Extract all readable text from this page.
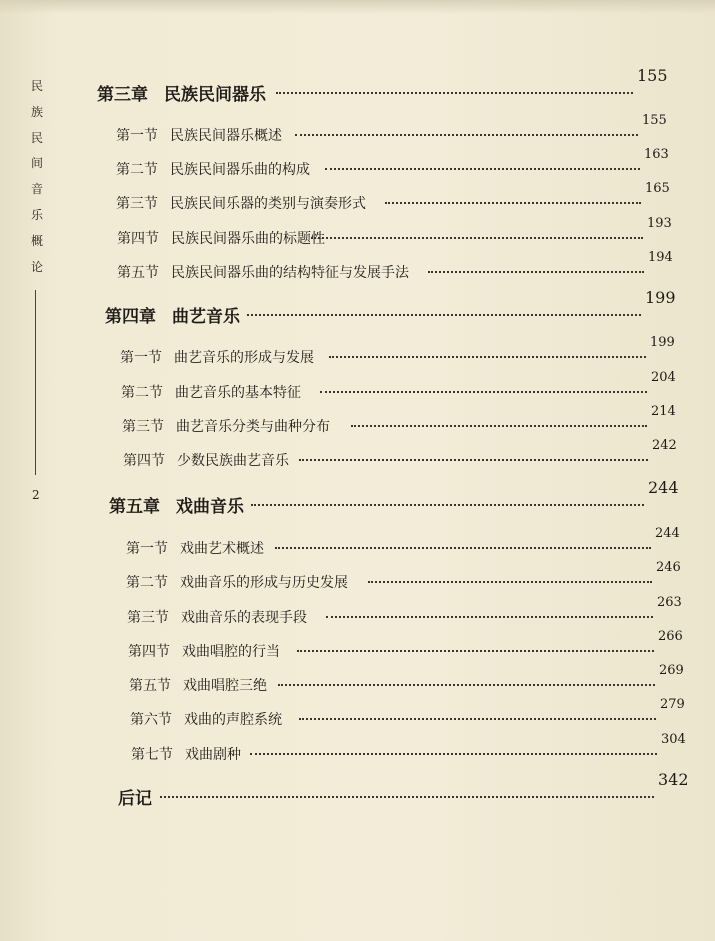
民
族
民
间
音
乐
概
论
2
第三章 民族民间器乐
155
第一节 民族民间器乐概述
155
第二节 民族民间器乐曲的构成
163
第三节 民族民间乐器的类别与演奏形式
165
第四节 民族民间器乐曲的标题性
193
第五节 民族民间器乐曲的结构特征与发展手法
194
第四章 曲艺音乐
199
第一节 曲艺音乐的形成与发展
199
第二节 曲艺音乐的基本特征
204
第三节 曲艺音乐分类与曲种分布
214
第四节 少数民族曲艺音乐
242
第五章 戏曲音乐
244
第一节 戏曲艺术概述
244
第二节 戏曲音乐的形成与历史发展
246
第三节 戏曲音乐的表现手段
263
第四节 戏曲唱腔的行当
266
第五节 戏曲唱腔三绝
269
第六节 戏曲的声腔系统
279
第七节 戏曲剧种
304
后记
342
